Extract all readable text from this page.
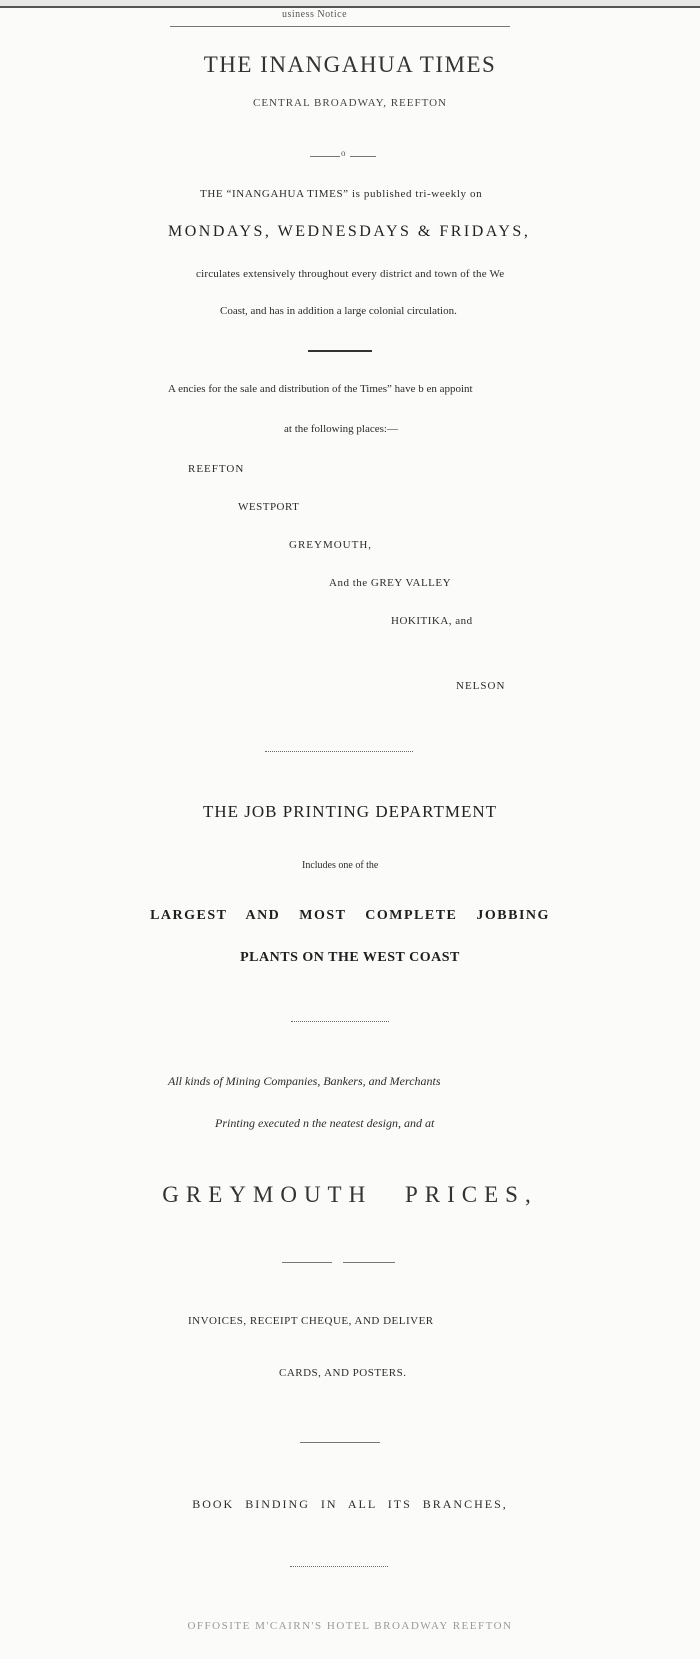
usiness Notice
THE INANGAHUA TIMES
CENTRAL BROADWAY, REEFTON
o
THE “INANGAHUA TIMES” is published tri-weekly on
MONDAYS, WEDNESDAYS & FRIDAYS,
circulates extensively throughout every district and town of the We
Coast, and has in addition a large colonial circulation.
A encies for the sale and distribution of the Times” have b en appoint
at the following places:—
REEFTON
WESTPORT
GREYMOUTH,
And the GREY VALLEY
HOKITIKA, and
NELSON
THE JOB PRINTING DEPARTMENT
Includes one of the
LARGEST AND MOST COMPLETE JOBBING
PLANTS ON THE WEST COAST
All kinds of Mining Companies, Bankers, and Merchants
Printing executed n the neatest design, and at
GREYMOUTH PRICES,
INVOICES, RECEIPT CHEQUE, AND DELIVER
CARDS, AND POSTERS.
BOOK BINDING IN ALL ITS BRANCHES,
OFFOSITE M'CAIRN'S HOTEL BROADWAY REEFTON
